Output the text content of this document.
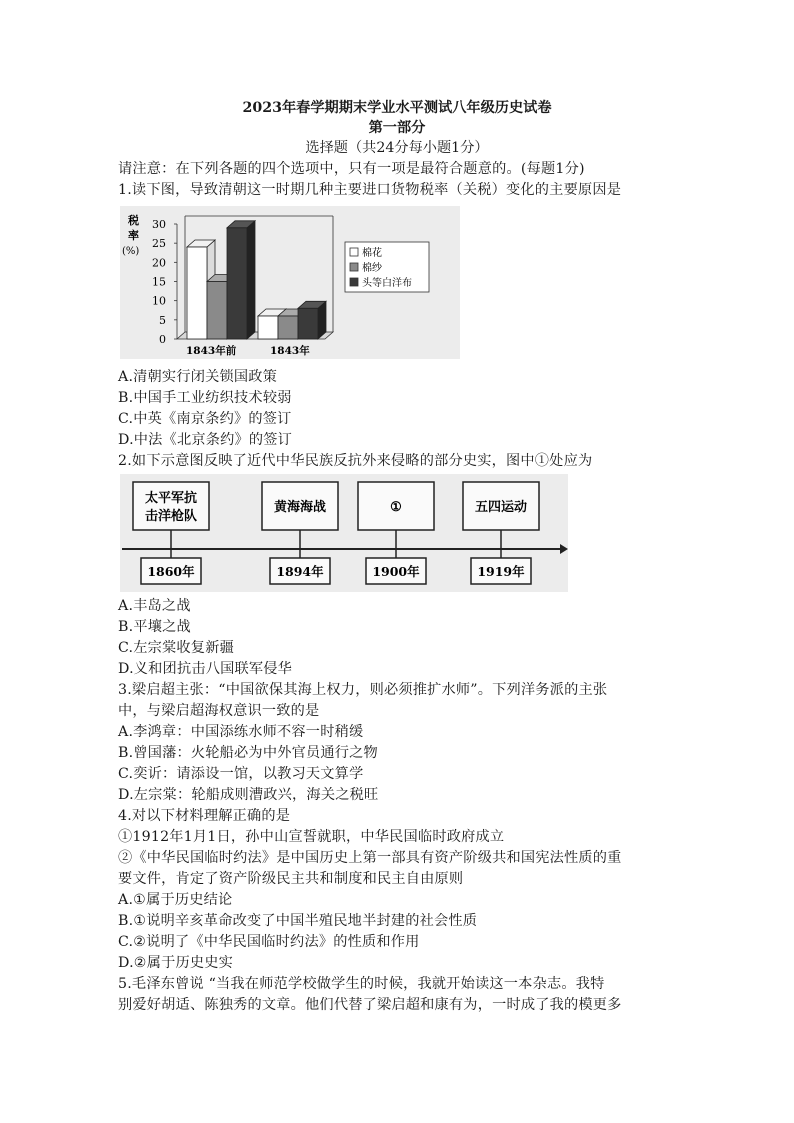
2023年春学期期末学业水平测试八年级历史试卷
第一部分
选择题（共24分每小题1分）
请注意：在下列各题的四个选项中，只有一项是最符合题意的。(每题1分)
1.读下图，导致清朝这一时期几种主要进口货物税率（关税）变化的主要原因是
税
率
(%)
0
5
10
15
20
25
30
1843年前	1843年
棉花
棉纱
头等白洋布
A.清朝实行闭关锁国政策
B.中国手工业纺织技术较弱
C.中英《南京条约》的签订
D.中法《北京条约》的签订
2.如下示意图反映了近代中华民族反抗外来侵略的部分史实，图中①处应为
太平军抗
击洋枪队
1860年
黄海海战
1894年
①
1900年
五四运动
1919年
A.丰岛之战
B.平壤之战
C.左宗棠收复新疆
D.义和团抗击八国联军侵华
3.梁启超主张：“中国欲保其海上权力，则必须推扩水师”。下列洋务派的主张
中，与梁启超海权意识一致的是
A.李鸿章：中国添练水师不容一时稍缓
B.曾国藩：火轮船必为中外官员通行之物
C.奕䜣：请添设一馆，以教习天文算学
D.左宗棠：轮船成则漕政兴，海关之税旺
4.对以下材料理解正确的是
①1912年1月1日，孙中山宣誓就职，中华民国临时政府成立
②《中华民国临时约法》是中国历史上第一部具有资产阶级共和国宪法性质的重
要文件，肯定了资产阶级民主共和制度和民主自由原则
A.①属于历史结论
B.①说明辛亥革命改变了中国半殖民地半封建的社会性质
C.②说明了《中华民国临时约法》的性质和作用
D.②属于历史史实
5.毛泽东曾说 “当我在师范学校做学生的时候，我就开始读这一本杂志。我特
别爱好胡适、陈独秀的文章。他们代替了梁启超和康有为，一时成了我的模更多
